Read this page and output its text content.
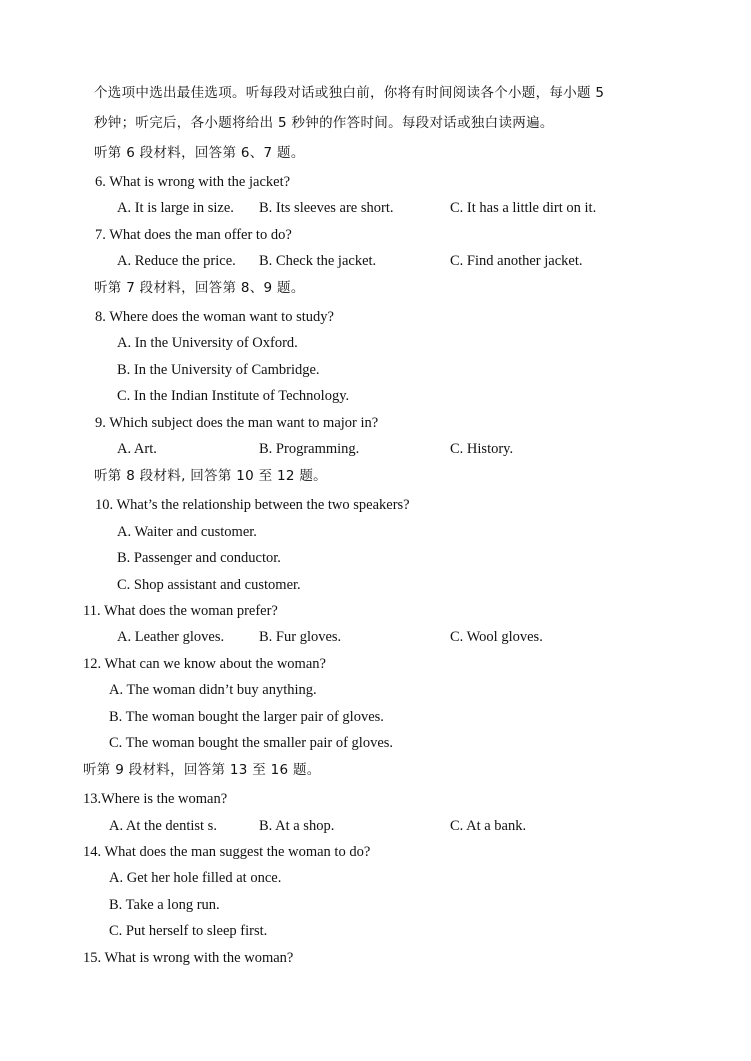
个选项中选出最佳选项。听每段对话或独白前，你将有时间阅读各个小题，每小题 5
秒钟；听完后，各小题将给出 5 秒钟的作答时间。每段对话或独白读两遍。
听第 6 段材料，回答第 6、7 题。
6. What is wrong with the jacket?
A. It is large in size. B. Its sleeves are short.	C. It has a little dirt on it.
7. What does the man offer to do?
A. Reduce the price. B. Check the jacket.	C. Find another jacket.
听第 7 段材料，回答第 8、9 题。
8. Where does the woman want to study?
A. In the University of Oxford.
B. In the University of Cambridge.
C. In the Indian Institute of Technology.
9. Which subject does the man want to major in?
A. Art.	B. Programming.	C. History.
听第 8 段材料, 回答第 10 至 12 题。
10. What’s the relationship between the two speakers?
A. Waiter and customer.
B. Passenger and conductor.
C. Shop assistant and customer.
11. What does the woman prefer?
A. Leather gloves. B. Fur gloves.	C. Wool gloves.
12. What can we know about the woman?
A. The woman didn’t buy anything.
B. The woman bought the larger pair of gloves.
C. The woman bought the smaller pair of gloves.
听第 9 段材料，回答第 13 至 16 题。
13.Where is the woman?
A. At the dentist s.	B. At a shop.	C. At a bank.
14. What does the man suggest the woman to do?
A. Get her hole filled at once.
B. Take a long run.
C. Put herself to sleep first.
15. What is wrong with the woman?
